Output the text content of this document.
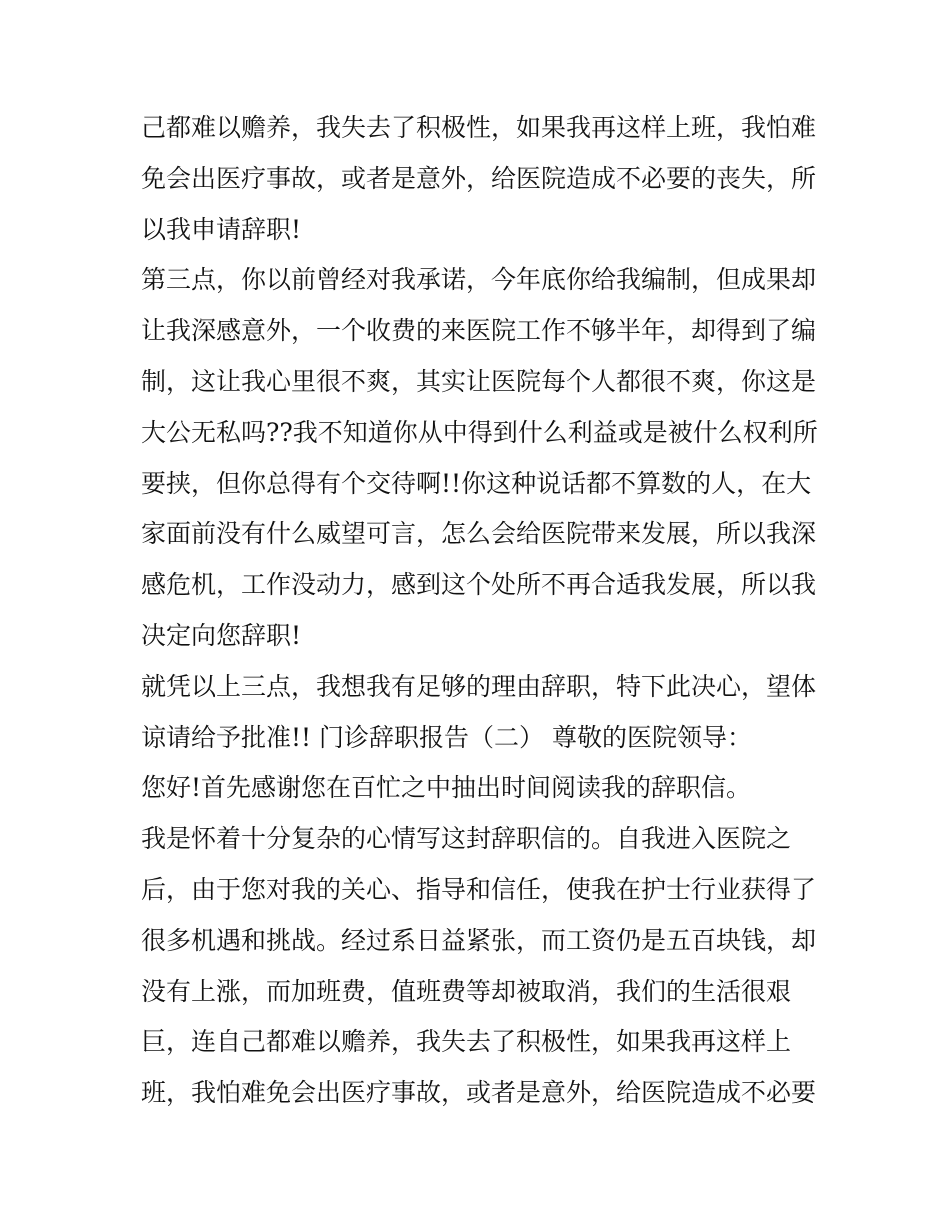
己都难以赡养，我失去了积极性，如果我再这样上班，我怕难
免会出医疗事故，或者是意外，给医院造成不必要的丧失，所
以我申请辞职!
第三点，你以前曾经对我承诺，今年底你给我编制，但成果却
让我深感意外，一个收费的来医院工作不够半年，却得到了编
制，这让我心里很不爽，其实让医院每个人都很不爽，你这是
大公无私吗??我不知道你从中得到什么利益或是被什么权利所
要挟，但你总得有个交待啊!!你这种说话都不算数的人，在大
家面前没有什么威望可言，怎么会给医院带来发展，所以我深
感危机，工作没动力，感到这个处所不再合适我发展，所以我
决定向您辞职!
就凭以上三点，我想我有足够的理由辞职，特下此决心，望体
谅请给予批准!! 门诊辞职报告（二） 尊敬的医院领导：
您好!首先感谢您在百忙之中抽出时间阅读我的辞职信。
我是怀着十分复杂的心情写这封辞职信的。自我进入医院之
后，由于您对我的关心、指导和信任，使我在护士行业获得了
很多机遇和挑战。经过系日益紧张，而工资仍是五百块钱，却
没有上涨，而加班费，值班费等却被取消，我们的生活很艰
巨，连自己都难以赡养，我失去了积极性，如果我再这样上
班，我怕难免会出医疗事故，或者是意外，给医院造成不必要
